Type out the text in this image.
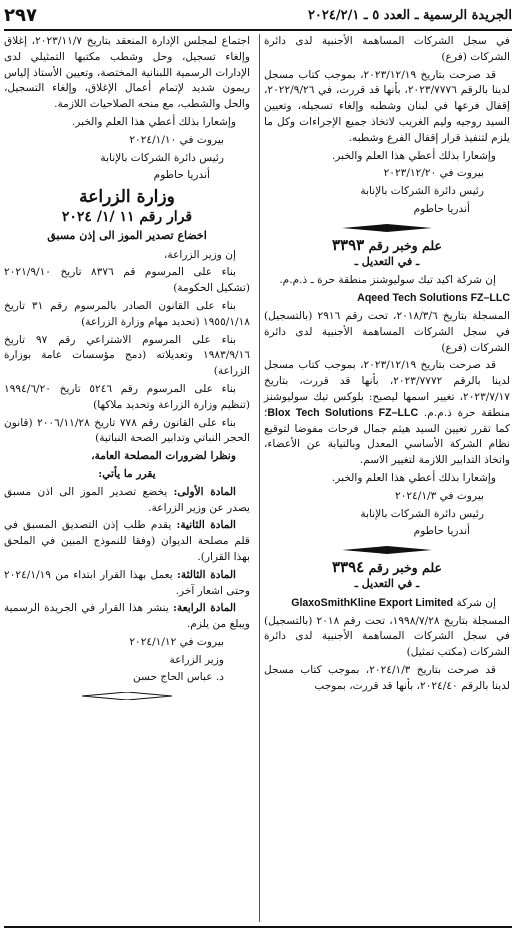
الجريدة الرسمية ـ العدد ٥ ـ ٢٠٢٤/٢/١
٢٩٧

في سجل الشركات المساهمة الأجنبية لدى دائرة الشركات (فرع)

قد صرحت بتاريخ ٢٠٢٣/١٢/١٩، بموجب كتاب مسجل لدينا بالرقم ٢٠٢٣/٧٧٧٦، بأنها قد قررت، في ٢٠٢٢/٩/٢٦، إقفال فرعها في لبنان وشطبه وإلغاء تسجيله، وتعيين السيد روجيه وليم الغريب لاتخاذ جميع الإجراءات وكل ما يلزم لتنفيذ قرار إقفال الفرع وشطبه.

وإشعارا بذلك أعطي هذا العلم والخبر.

بيروت في ٢٠٢٣/١٢/٢٠

رئيس دائرة الشركات بالإنابة

أندريا حاطوم

علم وخبر رقم ٣٣٩٣

ـ في التعديل ـ

إن شركة اكيد تيك سوليوشنز منطقة حرة ـ ذ.م.م.

Aqeed Tech Solutions FZ–LLC

المسجلة بتاريخ ٢٠١٨/٣/٦، تحت رقم ٢٩١٦ (بالتسجيل) في سجل الشركات المساهمة الأجنبية لدى دائرة الشركات (فرع)

قد صرحت بتاريخ ٢٠٢٣/١٢/١٩، بموجب كتاب مسجل لدينا بالرقم ٢٠٢٣/٧٧٧٢، بأنها قد قررت، بتاريخ ٢٠٢٣/٧/١٧، تغيير اسمها ليصبح: بلوكس تيك سوليوشنز منطقة حرة ذ.م.م. Blox Tech Solutions FZ–LLC؛ كما تقرر تعيين السيد هيثم جمال فرحات مفوضا لتوقيع نظام الشركة الأساسي المعدل وبالنيابة عن الأعضاء، واتخاذ التدابير اللازمة لتغيير الاسم.

وإشعارا بذلك أعطي هذا العلم والخبر.

بيروت في ٢٠٢٤/١/٣

رئيس دائرة الشركات بالإنابة

أندريا حاطوم

علم وخبر رقم ٣٣٩٤

ـ في التعديل ـ

إن شركة GlaxoSmithKline Export Limited

المسجلة بتاريخ ١٩٩٨/٧/٢٨، تحت رقم ٢٠١٨ (بالتسجيل) في سجل الشركات المساهمة الأجنبية لدى دائرة الشركات (مكتب تمثيل)

قد صرحت بتاريخ ٢٠٢٤/١/٣، بموجب كتاب مسجل لدينا بالرقم ٢٠٢٤/٤٠، بأنها قد قررت، بموجب

اجتماع لمجلس الإدارة المنعقد بتاريخ ٢٠٢٣/١١/٧، إغلاق وإلغاء تسجيل، وحل وشطب مكتبها التمثيلي لدى الإدارات الرسمية اللبنانية المختصة، وتعيين الأستاذ إلياس ريمون شديد لإتمام أعمال الإغلاق، وإلغاء التسجيل، والحل والشطب، مع منحه الصلاحيات اللازمة.

وإشعارا بذلك أعطي هذا العلم والخبر.

بيروت في ٢٠٢٤/١/١٠

رئيس دائرة الشركات بالإنابة

أندريا حاطوم

وزارة الزراعة

قرار رقم ١١ /١/ ٢٠٢٤

اخضاع تصدير الموز الى إذن مسبق

إن وزير الزراعة،

بناء على المرسوم قم ٨٣٧٦ تاريخ ٢٠٢١/٩/١٠ (تشكيل الحكومة)

بناء على القانون الصادر بالمرسوم رقم ٣١ تاريخ ١٩٥٥/١/١٨ (تحديد مهام وزارة الزراعة)

بناء على المرسوم الاشتراعي رقم ٩٧ تاريخ ١٩٨٣/٩/١٦ وتعديلاته (دمج مؤسسات عامة بوزارة الزراعة)

بناء على المرسوم رقم ٥٢٤٦ تاريخ ١٩٩٤/٦/٢٠ (تنظيم وزارة الزراعة وتحديد ملاكها)

بناء على القانون رقم ٧٧٨ تاريخ ٢٠٠٦/١١/٢٨ (قانون الحجر النباتي وتدابير الصحة النباتية)

ونظرا لضرورات المصلحة العامة،

يقرر ما يأتي:

المادة الأولى: يخضع تصدير الموز الى اذن مسبق يصدر عن وزير الزراعة.

المادة الثانية: يقدم طلب إذن التصديق المسبق في قلم مصلحة الديوان (وفقا للنموذج المبين في الملحق بهذا القرار).

المادة الثالثة: يعمل بهذا القرار ابتداء من ٢٠٢٤/١/١٩ وحتى اشعار آخر.

المادة الرابعة: ينشر هذا القرار في الجريدة الرسمية ويبلغ من يلزم.

بيروت في ٢٠٢٤/١/١٢

وزير الزراعة

د. عباس الحاج حسن
